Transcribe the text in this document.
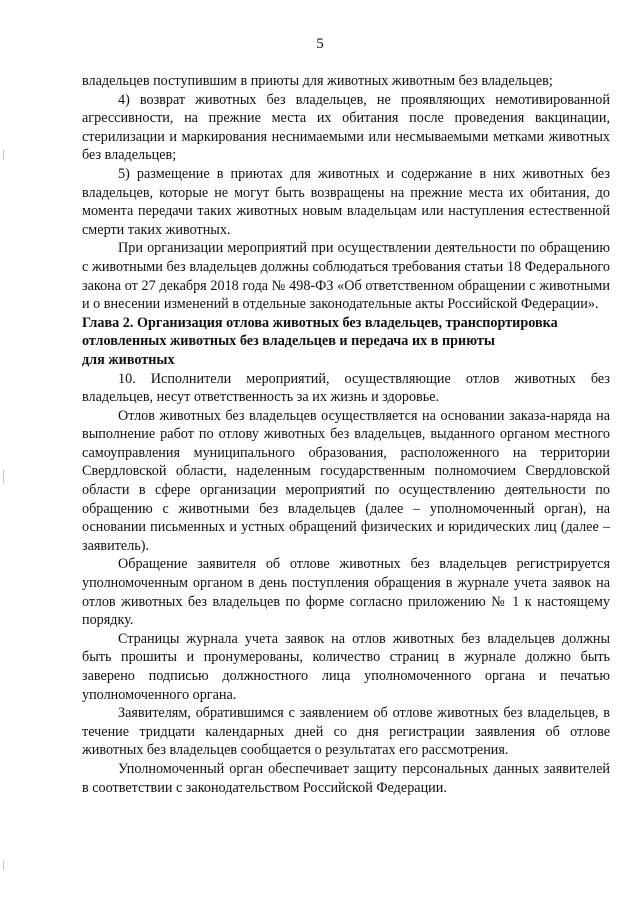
5

владельцев поступившим в приюты для животных животным без владельцев;

4) возврат животных без владельцев, не проявляющих немотивированной агрессивности, на прежние места их обитания после проведения вакцинации, стерилизации и маркирования неснимаемыми или несмываемыми метками животных без владельцев;

5) размещение в приютах для животных и содержание в них животных без владельцев, которые не могут быть возвращены на прежние места их обитания, до момента передачи таких животных новым владельцам или наступления естественной смерти таких животных.

При организации мероприятий при осуществлении деятельности по обращению с животными без владельцев должны соблюдаться требования статьи 18 Федерального закона от 27 декабря 2018 года № 498-ФЗ «Об ответственном обращении с животными и о внесении изменений в отдельные законодательные акты Российской Федерации».

Глава 2. Организация отлова животных без владельцев, транспортировка
отловленных животных без владельцев и передача их в приюты
для животных

10. Исполнители мероприятий, осуществляющие отлов животных без владельцев, несут ответственность за их жизнь и здоровье.

Отлов животных без владельцев осуществляется на основании заказа-наряда на выполнение работ по отлову животных без владельцев, выданного органом местного самоуправления муниципального образования, расположенного на территории Свердловской области, наделенным государственным полномочием Свердловской области в сфере организации мероприятий по осуществлению деятельности по обращению с животными без владельцев (далее – уполномоченный орган), на основании письменных и устных обращений физических и юридических лиц (далее – заявитель).

Обращение заявителя об отлове животных без владельцев регистрируется уполномоченным органом в день поступления обращения в журнале учета заявок на отлов животных без владельцев по форме согласно приложению № 1 к настоящему порядку.

Страницы журнала учета заявок на отлов животных без владельцев должны быть прошиты и пронумерованы, количество страниц в журнале должно быть заверено подписью должностного лица уполномоченного органа и печатью уполномоченного органа.

Заявителям, обратившимся с заявлением об отлове животных без владельцев, в течение тридцати календарных дней со дня регистрации заявления об отлове животных без владельцев сообщается о результатах его рассмотрения.

Уполномоченный орган обеспечивает защиту персональных данных заявителей в соответствии с законодательством Российской Федерации.
